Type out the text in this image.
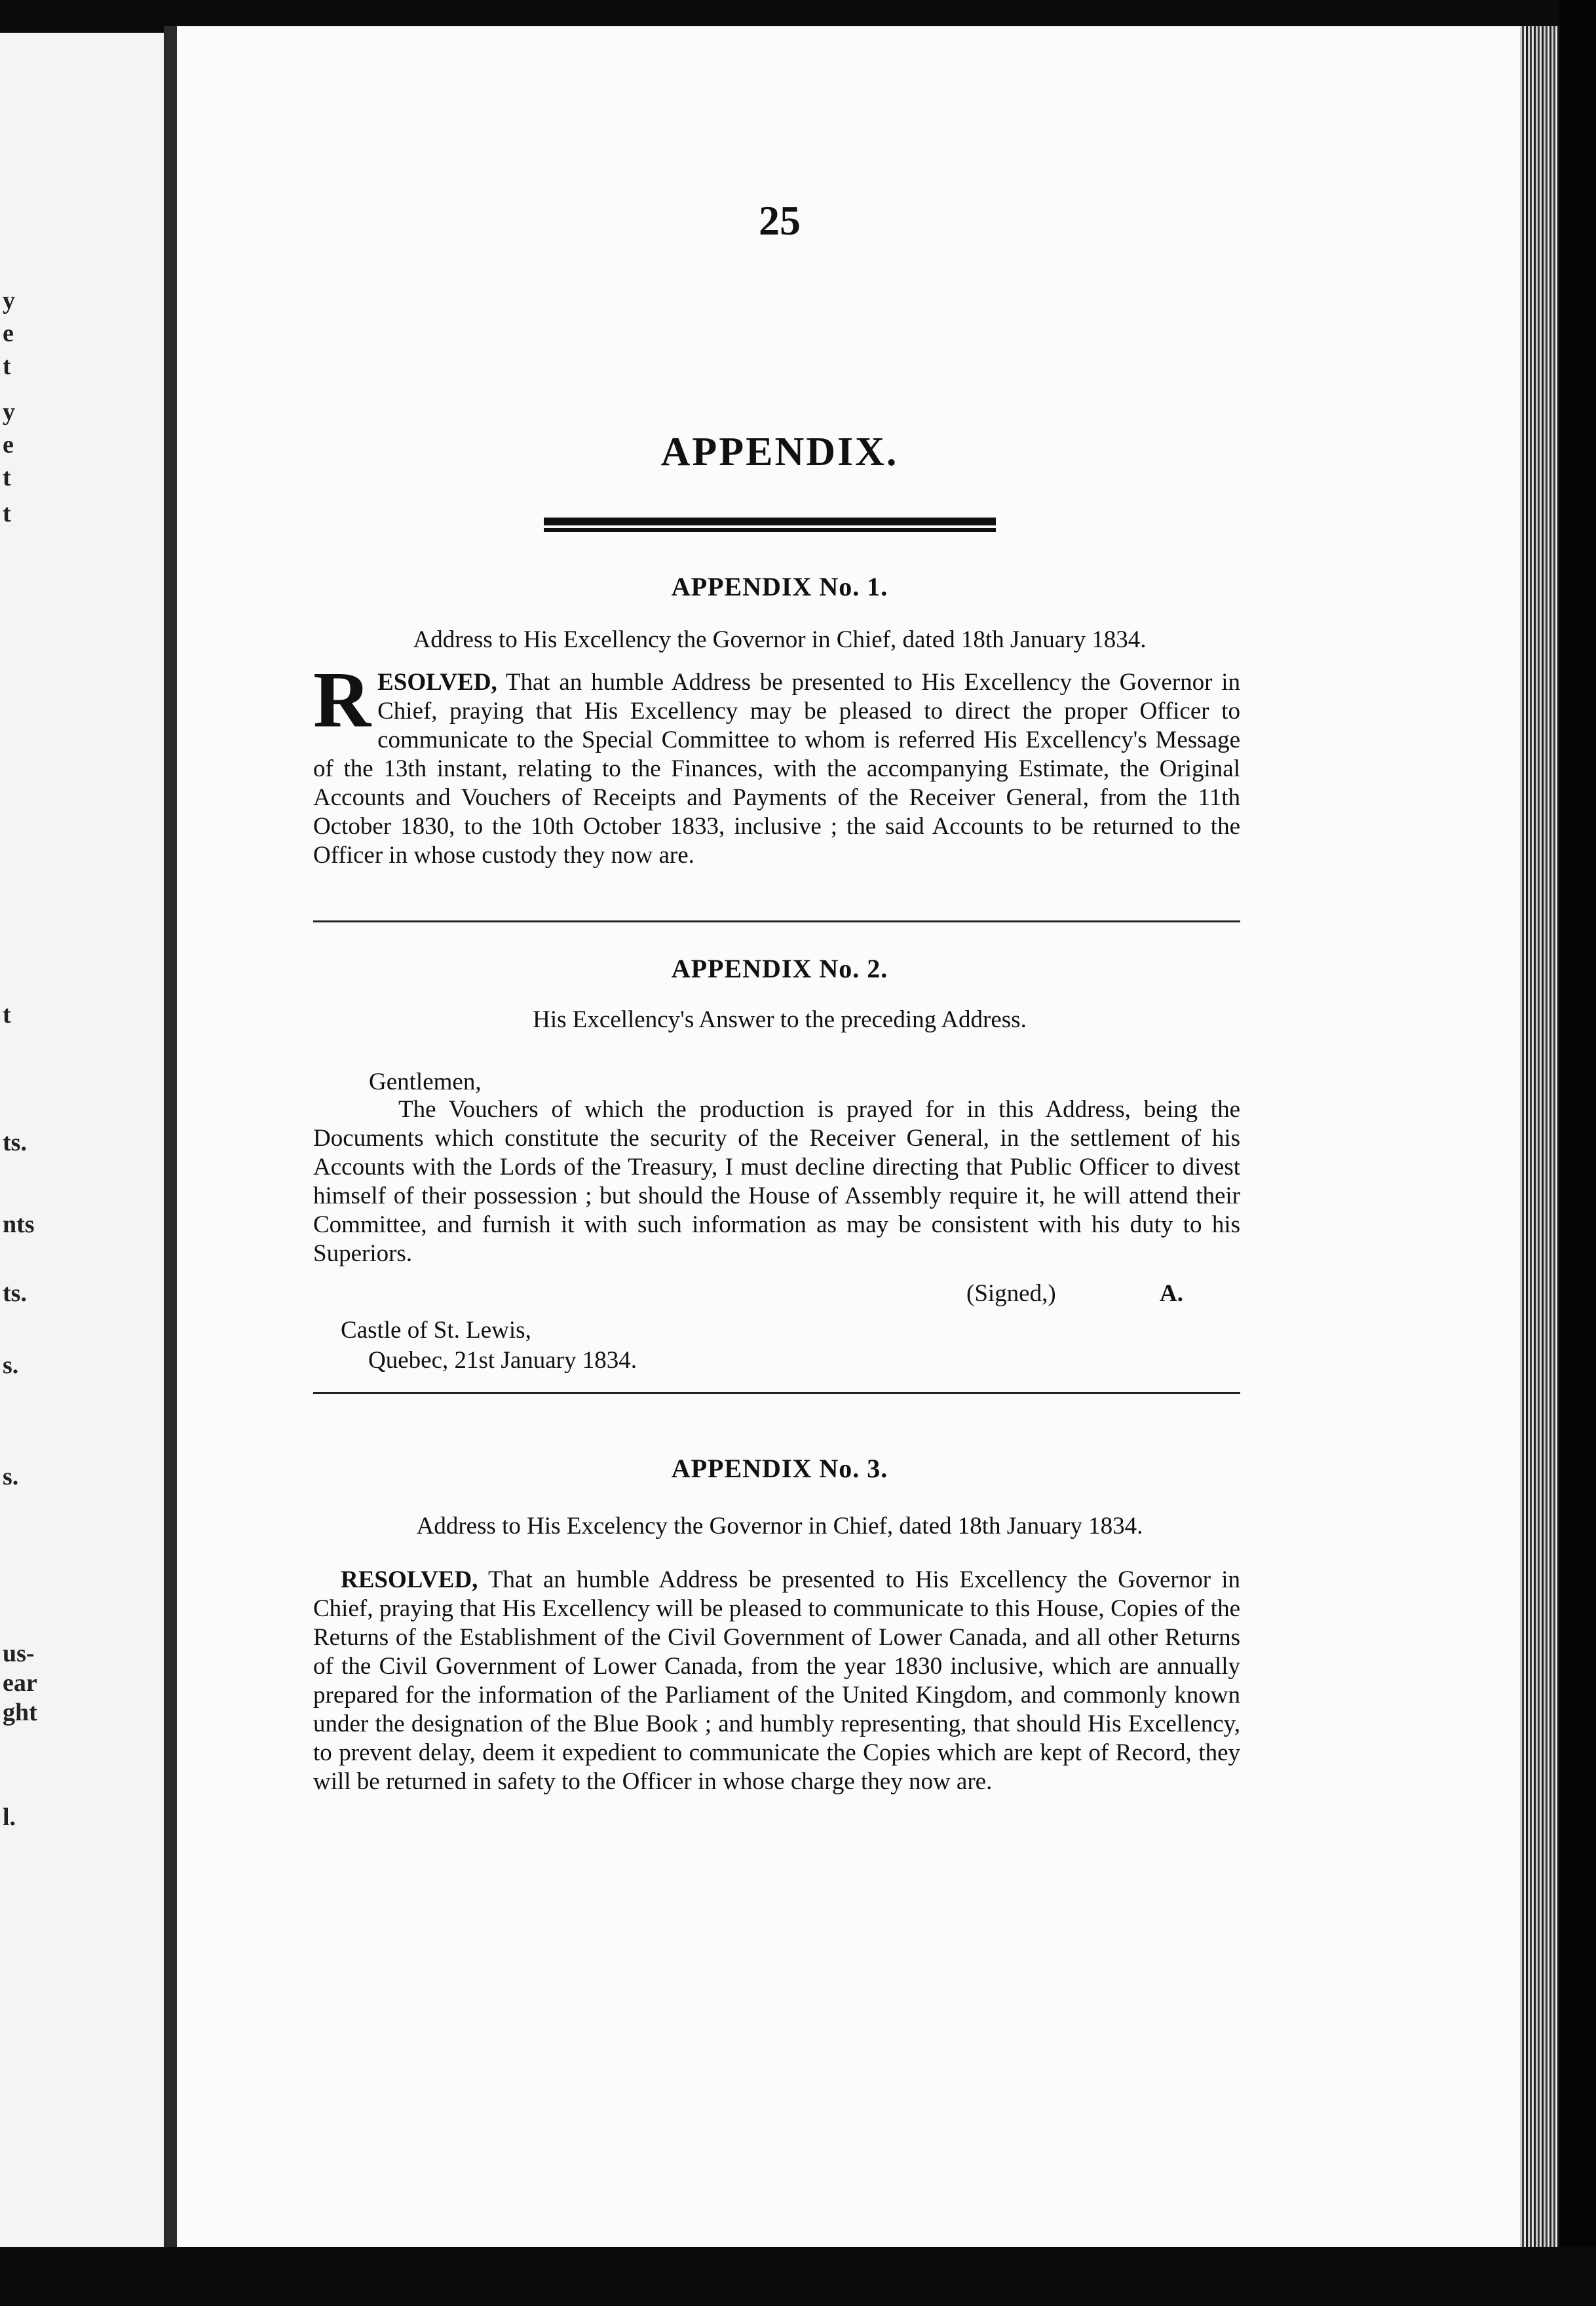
y
e
t
y
e
t
t
t
ts.
nts
ts.
s.
s.
us-
ear
ght
l.
25
APPENDIX.
APPENDIX No. 1.
Address to His Excellency the Governor in Chief, dated 18th January 1834.
RESOLVED, That an humble Address be presented to His Excellency the Governor in Chief, praying that His Excellency may be pleased to direct the proper Officer to communicate to the Special Committee to whom is referred His Excellency's Message of the 13th instant, relating to the Finances, with the accompanying Estimate, the Original Accounts and Vouchers of Receipts and Payments of the Receiver General, from the 11th October 1830, to the 10th October 1833, inclusive ; the said Accounts to be returned to the Officer in whose custody they now are.
APPENDIX No. 2.
His Excellency's Answer to the preceding Address.
Gentlemen,
The Vouchers of which the production is prayed for in this Address, being the Documents which constitute the security of the Receiver General, in the settlement of his Accounts with the Lords of the Treasury, I must decline directing that Public Officer to divest himself of their possession ; but should the House of Assembly require it, he will attend their Committee, and furnish it with such information as may be consistent with his duty to his Superiors.
(Signed,)	A.
Castle of St. Lewis,
Quebec, 21st January 1834.
APPENDIX No. 3.
Address to His Excelency the Governor in Chief, dated 18th January 1834.
RESOLVED, That an humble Address be presented to His Excellency the Governor in Chief, praying that His Excellency will be pleased to communicate to this House, Copies of the Returns of the Establishment of the Civil Government of Lower Canada, and all other Returns of the Civil Government of Lower Canada, from the year 1830 inclusive, which are annually prepared for the information of the Parliament of the United Kingdom, and commonly known under the designation of the Blue Book ; and humbly representing, that should His Excellency, to prevent delay, deem it expedient to communicate the Copies which are kept of Record, they will be returned in safety to the Officer in whose charge they now are.
